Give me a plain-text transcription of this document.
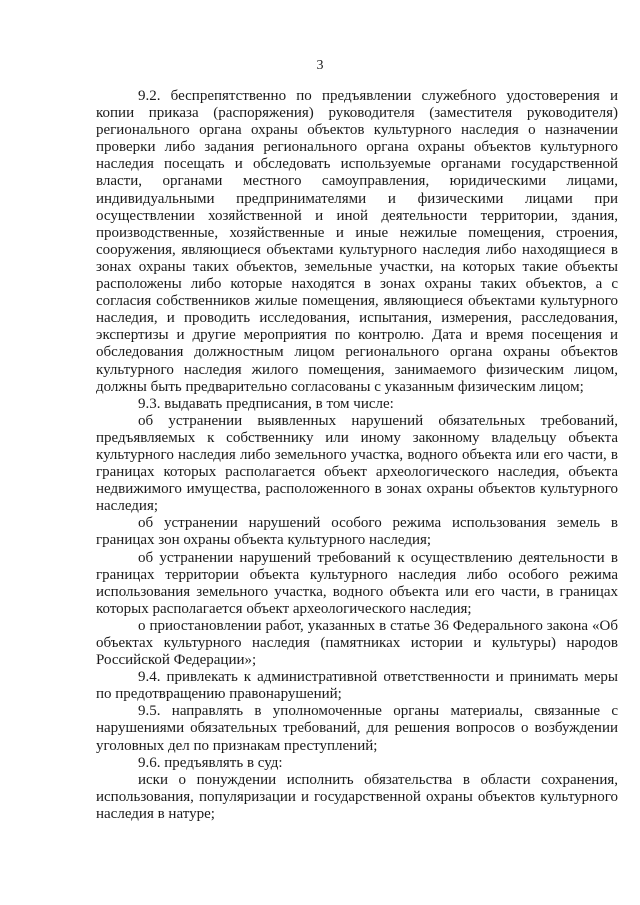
3

9.2. беспрепятственно по предъявлении служебного удостоверения и копии приказа (распоряжения) руководителя (заместителя руководителя) регионального органа охраны объектов культурного наследия о назначении проверки либо задания регионального органа охраны объектов культурного наследия посещать и обследовать используемые органами государственной власти, органами местного самоуправления, юридическими лицами, индивидуальными предпринимателями и физическими лицами при осуществлении хозяйственной и иной деятельности территории, здания, производственные, хозяйственные и иные нежилые помещения, строения, сооружения, являющиеся объектами культурного наследия либо находящиеся в зонах охраны таких объектов, земельные участки, на которых такие объекты расположены либо которые находятся в зонах охраны таких объектов, а с согласия собственников жилые помещения, являющиеся объектами культурного наследия, и проводить исследования, испытания, измерения, расследования, экспертизы и другие мероприятия по контролю. Дата и время посещения и обследования должностным лицом регионального органа охраны объектов культурного наследия жилого помещения, занимаемого физическим лицом, должны быть предварительно согласованы с указанным физическим лицом;

9.3. выдавать предписания, в том числе:

об устранении выявленных нарушений обязательных требований, предъявляемых к собственнику или иному законному владельцу объекта культурного наследия либо земельного участка, водного объекта или его части, в границах которых располагается объект археологического наследия, объекта недвижимого имущества, расположенного в зонах охраны объектов культурного наследия;

об устранении нарушений особого режима использования земель в границах зон охраны объекта культурного наследия;

об устранении нарушений требований к осуществлению деятельности в границах территории объекта культурного наследия либо особого режима использования земельного участка, водного объекта или его части, в границах которых располагается объект археологического наследия;

о приостановлении работ, указанных в статье 36 Федерального закона «Об объектах культурного наследия (памятниках истории и культуры) народов Российской Федерации»;

9.4. привлекать к административной ответственности и принимать меры по предотвращению правонарушений;

9.5. направлять в уполномоченные органы материалы, связанные с нарушениями обязательных требований, для решения вопросов о возбуждении уголовных дел по признакам преступлений;

9.6. предъявлять в суд:

иски о понуждении исполнить обязательства в области сохранения, использования, популяризации и государственной охраны объектов культурного наследия в натуре;
